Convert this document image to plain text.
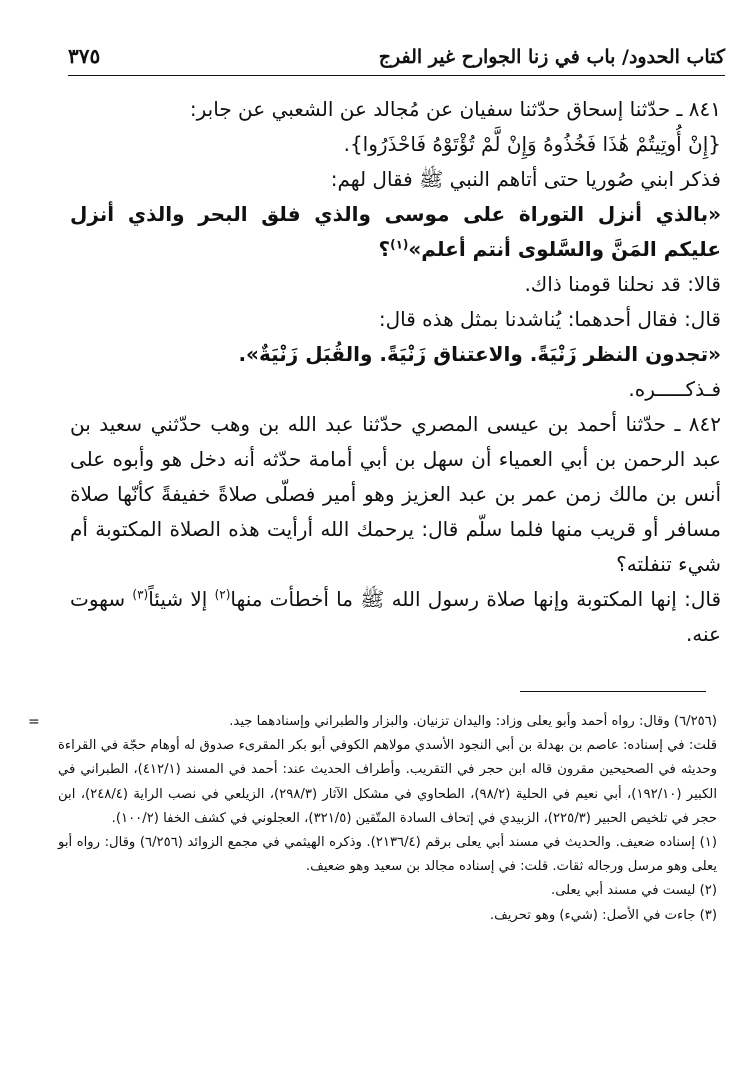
كتاب الحدود/ باب في زنا الجوارح غير الفرج
٣٧٥

٨٤١ ـ حدّثنا إسحاق حدّثنا سفيان عن مُجالد عن الشعبي عن جابر:

{إِنْ أُوتِيتُمْ هَٰذَا فَخُذُوهُ وَإِنْ لَّمْ تُؤْتَوْهُ فَاحْذَرُوا}.

فذكر ابني صُوريا حتى أتاهم النبي ﷺ فقال لهم:

«بالذي أنزل التوراة على موسى والذي فلق البحر والذي أنزل عليكم المَنَّ والسَّلوى أنتم أعلم»$^{(١)}$؟

قالا: قد نحلنا قومنا ذاك.

قال: فقال أحدهما: يُناشدنا بمثل هذه قال:

«تجدون النظر زَنْيَةً. والاعتناق زَنْيَةً. والقُبَل زَنْيَةٌ».

فـذكـــــره.

٨٤٢ ـ حدّثنا أحمد بن عيسى المصري حدّثنا عبد الله بن وهب حدّثني سعيد بن عبد الرحمن بن أبي العمياء أن سهل بن أبي أمامة حدّثه أنه دخل هو وأبوه على أنس بن مالك زمن عمر بن عبد العزيز وهو أمير فصلّى صلاةً خفيفةً كأنّها صلاة مسافر أو قريب منها فلما سلّم قال: يرحمك الله أرأيت هذه الصلاة المكتوبة أم شيء تنفلته؟

قال: إنها المكتوبة وإنها صلاة رسول الله ﷺ ما أخطأت منها$^{(٢)}$ إلا شيئاً$^{(٣)}$ سهوت عنه.

=	(٦/٢٥٦) وقال: رواه أحمد وأبو يعلى وزاد: واليدان تزنيان. والبزار والطبراني وإسنادهما جيد.

قلت: في إسناده: عاصم بن بهدلة بن أبي النجود الأسدي مولاهم الكوفي أبو بكر المقرىء صدوق له أوهام حجّة في القراءة وحديثه في الصحيحين مقرون قاله ابن حجر في التقريب. وأطراف الحديث عند: أحمد في المسند (٤١٢/١)، الطبراني في الكبير (١٩٢/١٠)، أبي نعيم في الحلية (٩٨/٢)، الطحاوي في مشكل الآثار (٢٩٨/٣)، الزيلعي في نصب الراية (٢٤٨/٤)، ابن حجر في تلخيص الحبير (٢٢٥/٣)، الزبيدي في إتحاف السادة المتّقين (٣٢١/٥)، العجلوني في كشف الخفا (١٠٠/٢).

(١) إسناده ضعيف. والحديث في مسند أبي يعلى برقم (٢١٣٦/٤). وذكره الهيثمي في مجمع الزوائد (٦/٢٥٦) وقال: رواه أبو يعلى وهو مرسل ورجاله ثقات. قلت: في إسناده مجالد بن سعيد وهو ضعيف.

(٢) ليست في مسند أبي يعلى.

(٣) جاءت في الأصل: (شيء) وهو تحريف.
